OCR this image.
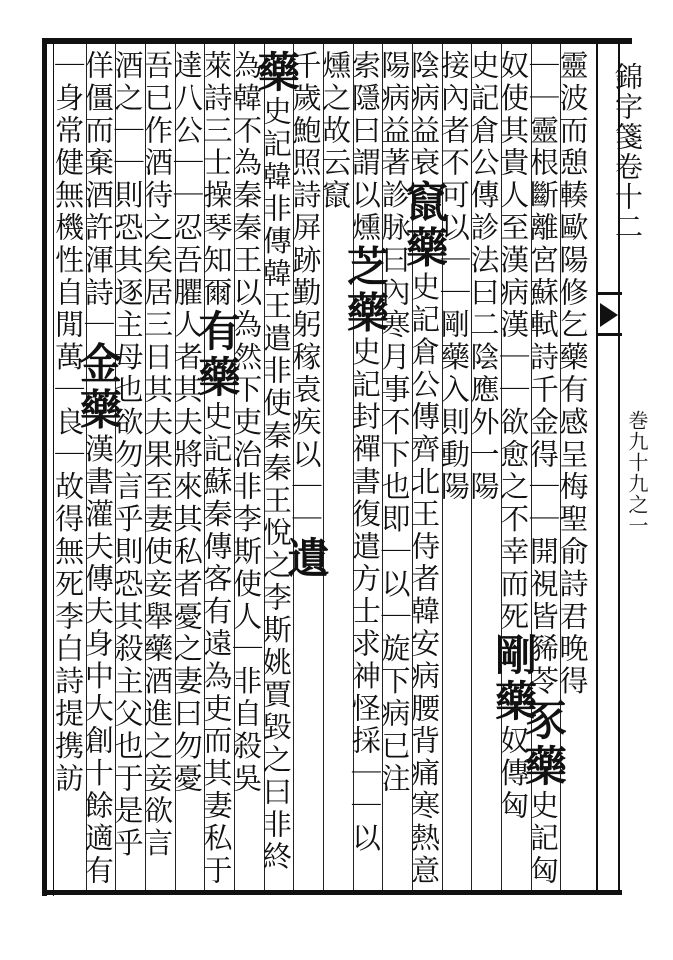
錦字箋卷十二
巻九十九之一
靈波而憩輳歐陽修乞藥有感呈梅聖俞詩君晚得
｜｜靈根斷離宮蘇軾詩千金得｜｜開視皆豨苓豕藥史記匈
奴使其貴人至漢病漢｜｜欲愈之不幸而死剛藥奴傳匈
史記倉公傳診法曰二陰應外一陽
接內者不可以｜｜剛藥入則動陽
陰病益衰竄藥史記倉公傳齊北王侍者韓安病腰背痛寒熱意
陽病益著診脉曰內寒月事不下也即｜以｜旋下病已注
索隱曰謂以燻芝藥史記封禪書復遣方士求神怪採｜｜以
燻之故云竄
千歲鮑照詩屏跡勤躬稼袁疾以｜｜遺
藥史記韓非傳韓王遣非使秦秦王悅之李斯姚賈毀之曰非終
為韓不為秦秦王以為然下吏治非李斯使人｜非自殺吳
萊詩三士操琴知爾有藥史記蘇秦傳客有遠為吏而其妻私于
達八公｜｜忍吾臞人者其夫將來其私者憂之妻曰勿憂
吾已作酒待之矣居三日其夫果至妻使妾舉藥酒進之妾欲言
酒之｜｜則恐其逐主母也欲勿言乎則恐其殺主父也于是乎
佯僵而棄酒許渾詩｜金藥漢書灌夫傳夫身中大創十餘適有
｜身常健無機性自閒萬｜良｜故得無死李白詩提携訪
